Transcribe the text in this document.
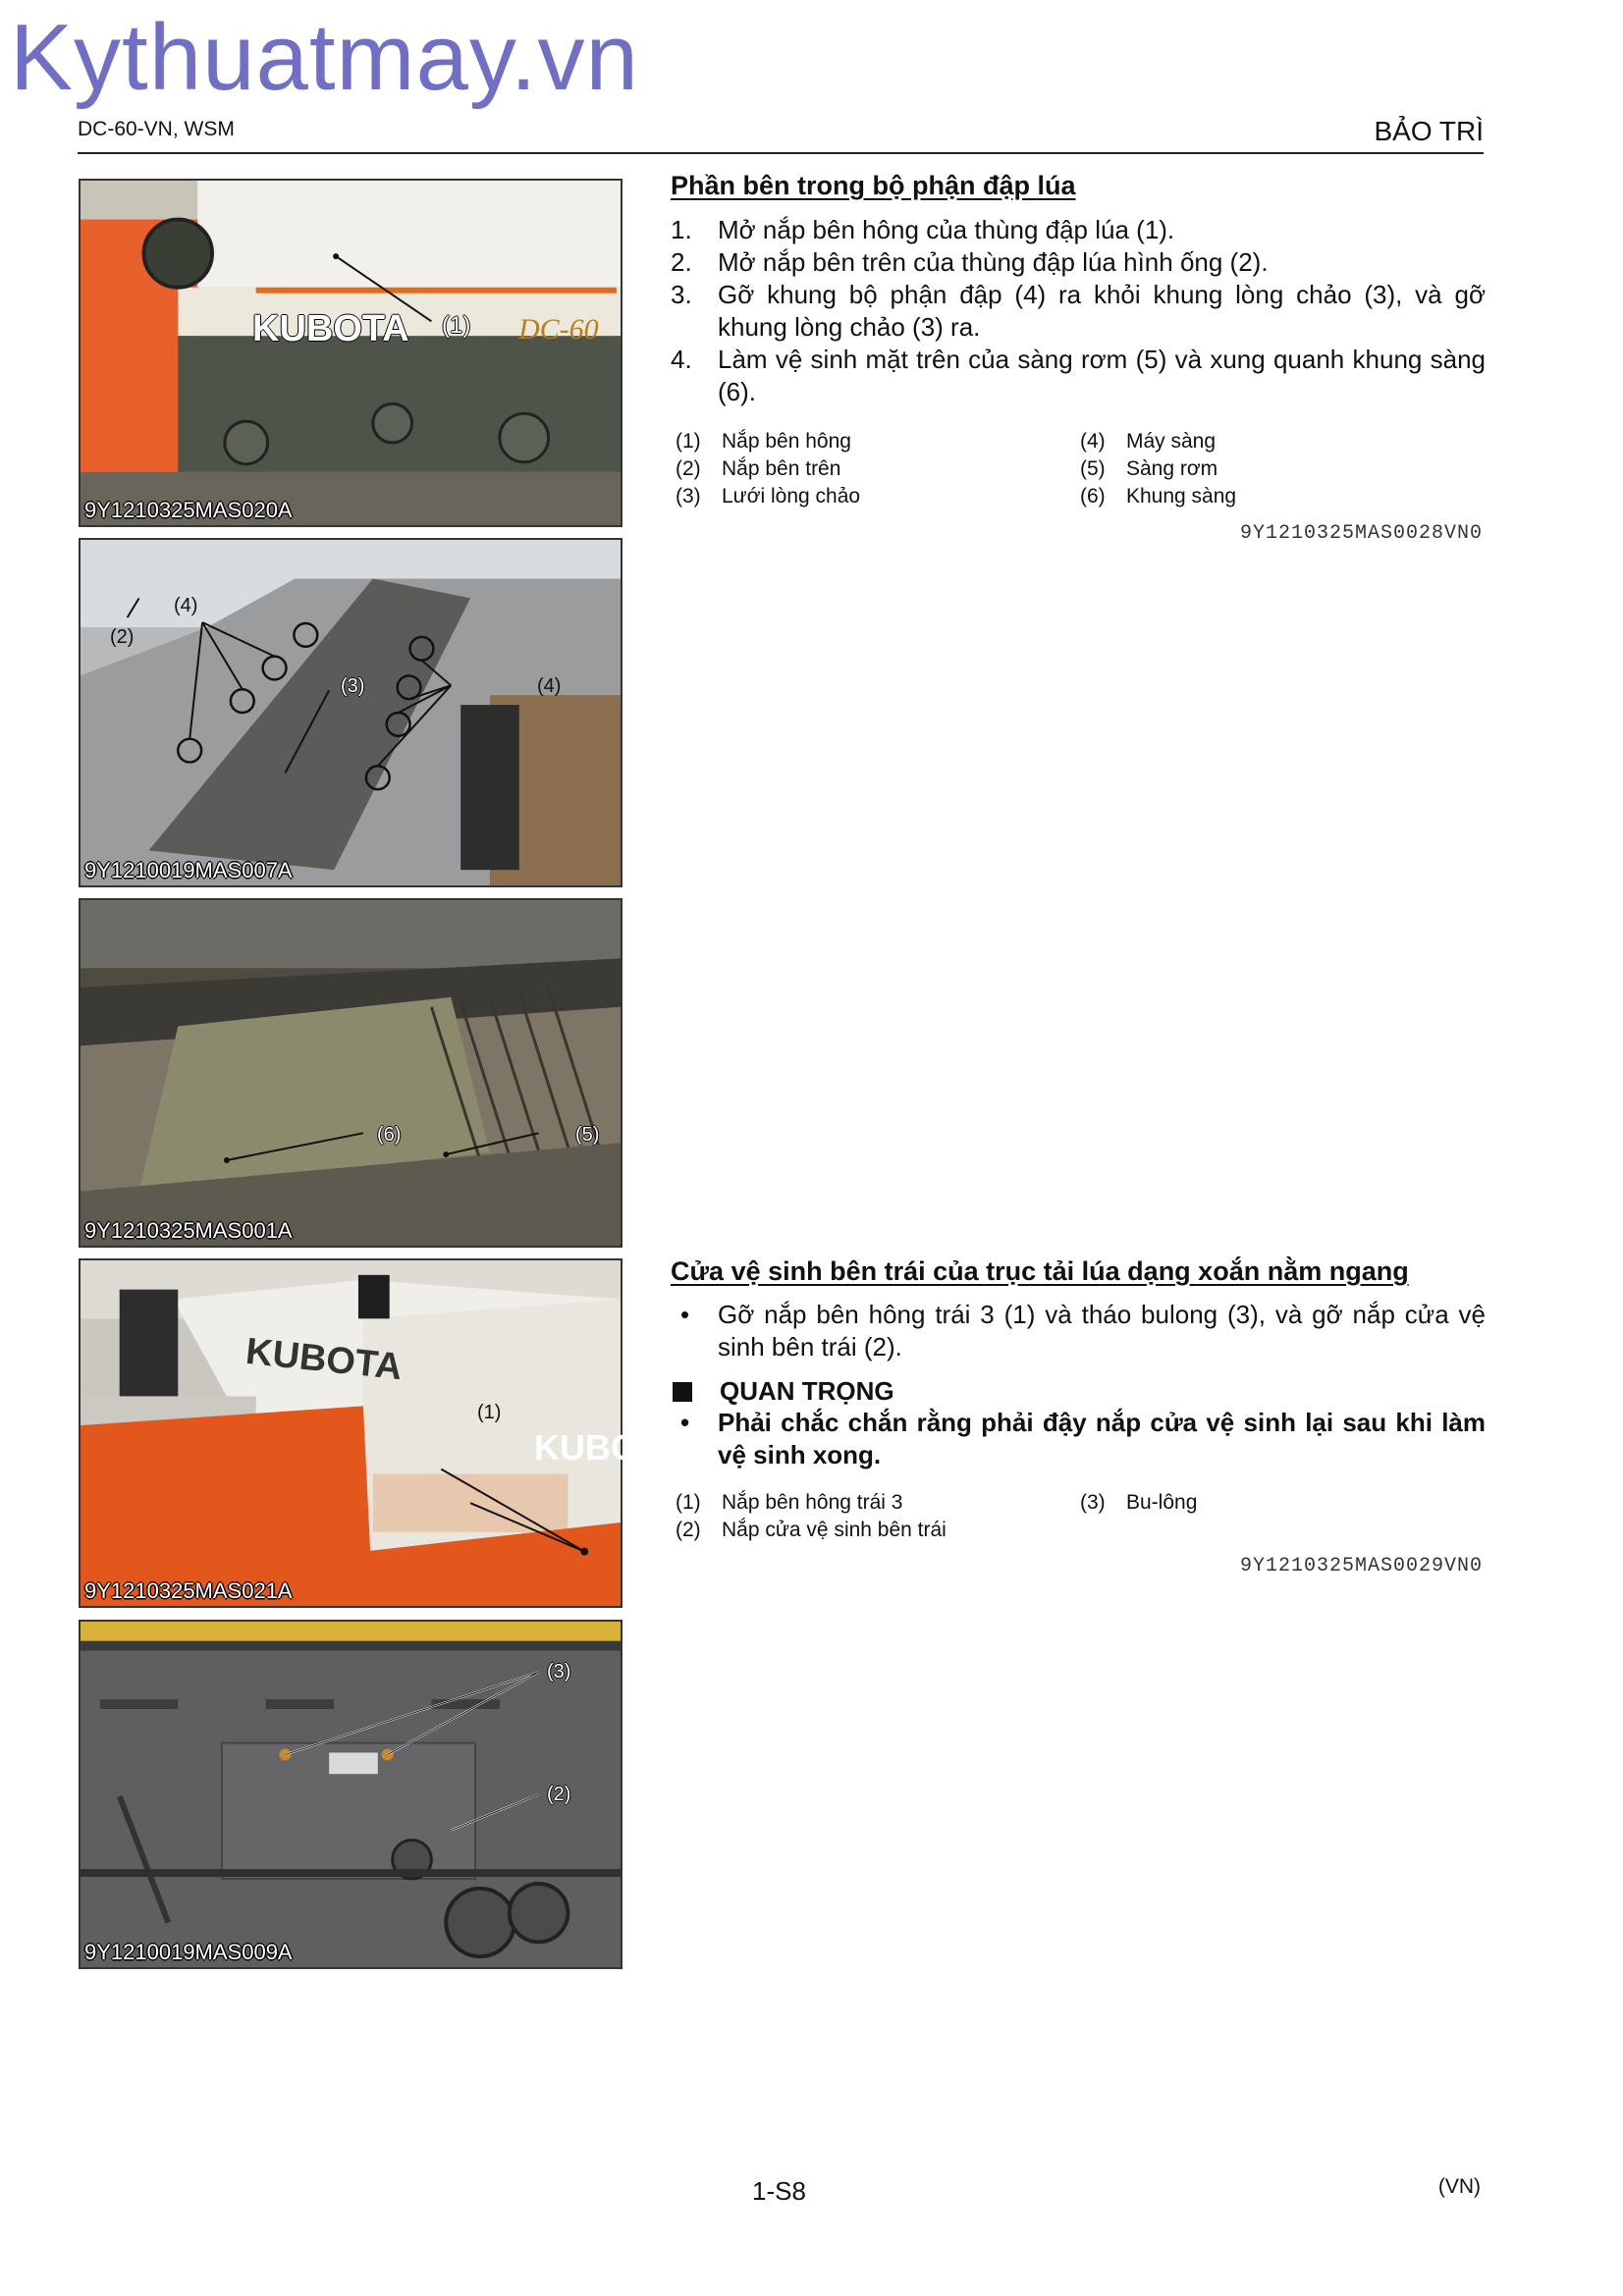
Kythuatmay.vn
DC-60-VN, WSM	BẢO TRÌ
KUBOTA	DC-60
(1)
9Y1210325MAS020A
(2)
(4)
(3)	(4)
9Y1210019MAS007A
(6)	(5)
9Y1210325MAS001A
KUBOTA
(1)
KUBO
9Y1210325MAS021A
(3)
(2)
9Y1210019MAS009A
Phần bên trong bộ phận đập lúa
1.	Mở nắp bên hông của thùng đập lúa (1).
2.	Mở nắp bên trên của thùng đập lúa hình ống (2).
3.	Gỡ khung bộ phận đập (4) ra khỏi khung lòng chảo (3), và gỡ khung lòng chảo (3) ra.
4.	Làm vệ sinh mặt trên của sàng rơm (5) và xung quanh khung sàng (6).
(1)	Nắp bên hông	(4)	Máy sàng
(2)	Nắp bên trên	(5)	Sàng rơm
(3)	Lưới lòng chảo	(6)	Khung sàng
9Y1210325MAS0028VN0
Cửa vệ sinh bên trái của trục tải lúa dạng xoắn nằm ngang
•	Gỡ nắp bên hông trái 3 (1) và tháo bulong (3), và gỡ nắp cửa vệ sinh bên trái (2).
QUAN TRỌNG
•	Phải chắc chắn rằng phải đậy nắp cửa vệ sinh lại sau khi làm vệ sinh xong.
(1)	Nắp bên hông trái 3	(3)	Bu-lông
(2)	Nắp cửa vệ sinh bên trái
9Y1210325MAS0029VN0
1-S8	(VN)
